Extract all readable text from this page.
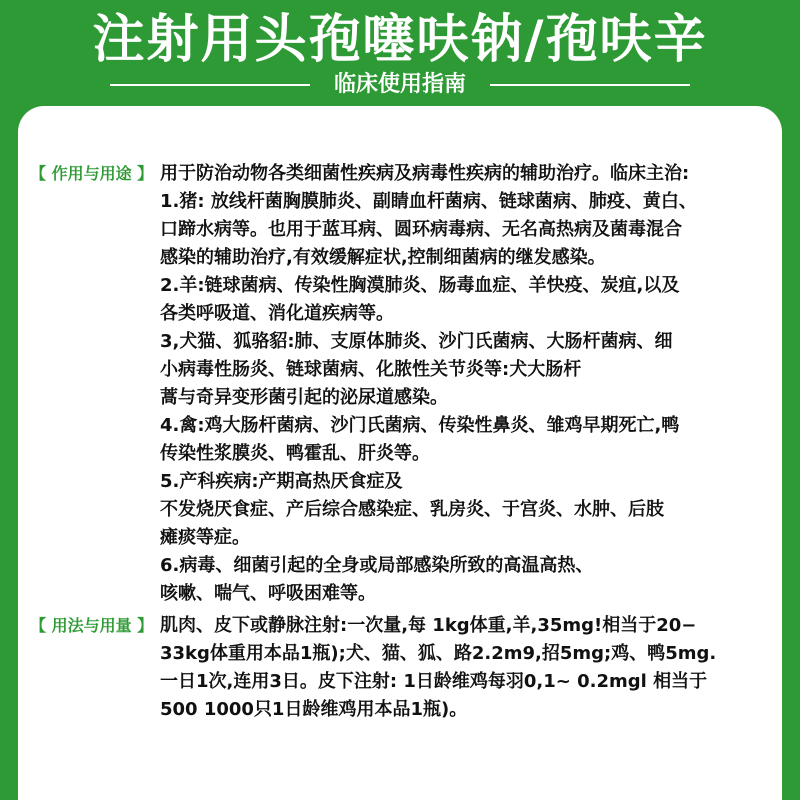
注射用头孢噻呋钠/孢呋辛
临床使用指南
【 作用与用途 】 用于防治动物各类细菌性疾病及病毒性疾病的辅助治疗。临床主治:
1.猪: 放线杆菌胸膜肺炎、副睛血杆菌病、链球菌病、肺疫、黄白、
口蹄水病等。也用于蓝耳病、圆环病毒病、无名高热病及菌毒混合
感染的辅助治疗,有效缓解症状,控制细菌病的继发感染。
2.羊:链球菌病、传染性胸漠肺炎、肠毒血症、羊快疫、炭疽,以及
各类呼吸道、消化道疾病等。
3,犬猫、狐骆貂:肺、支原体肺炎、沙门氏菌病、大肠杆菌病、细
小病毒性肠炎、链球菌病、化脓性关节炎等:犬大肠杆
蒿与奇异变形菌引起的泌尿道感染。
4.禽:鸡大肠杆菌病、沙门氏菌病、传染性鼻炎、雏鸡早期死亡,鸭
传染性浆膜炎、鸭霍乱、肝炎等。
5.产科疾病:产期高热厌食症及
不发烧厌食症、产后综合感染症、乳房炎、于宫炎、水肿、后肢
瘫痰等症。
6.病毒、细菌引起的全身或局部感染所致的高温高热、
咳嗽、喘气、呼吸困难等。
【 用法与用量 】 肌肉、皮下或静脉注射:一次量,每 1kg体重,羊,35mg!相当于20−
33kg体重用本品1瓶);犬、猫、狐、路2.2m9,招5mg;鸡、鸭5mg.
一日1次,连用3日。皮下注射: 1日龄维鸡每羽0,1~ 0.2mgl 相当于
500 1000只1日龄维鸡用本品1瓶)。
